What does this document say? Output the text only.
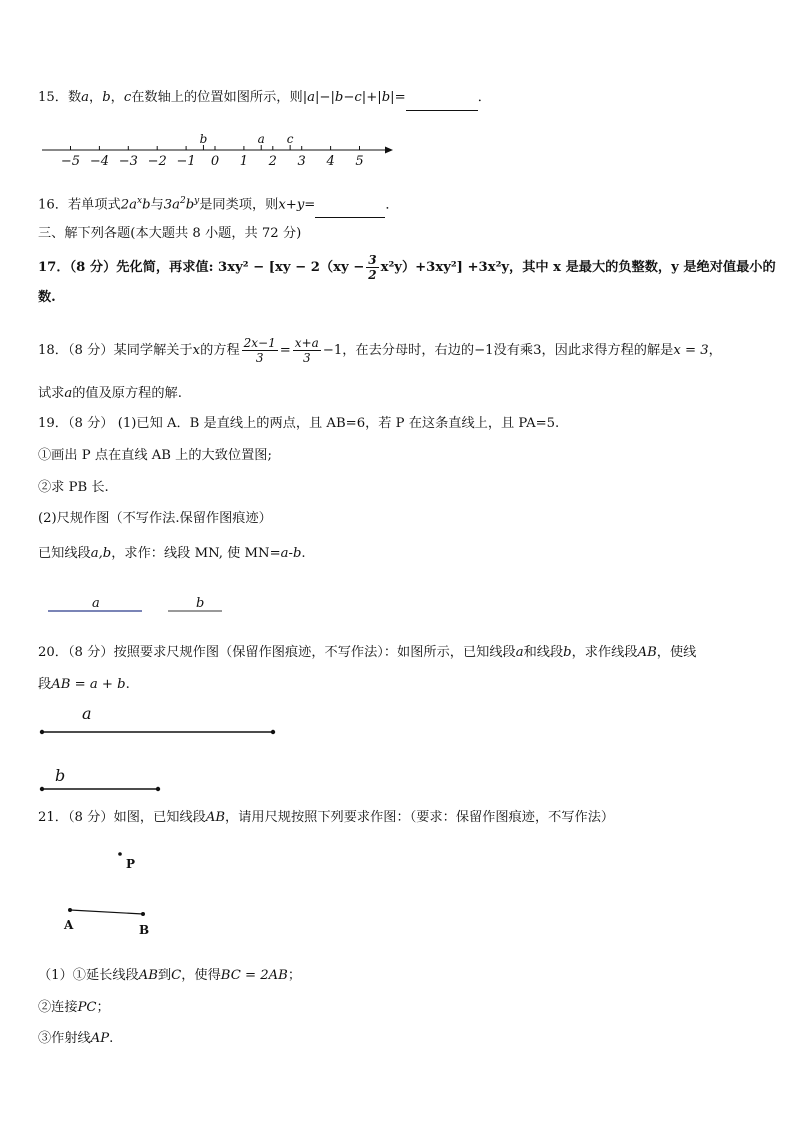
15．数a，b，c在数轴上的位置如图所示，则|a|−|b−c|+|b|=	．
−5 −4 −3 −2 −1 0 1 2 3 4 5
b	a c
16．若单项式$2a^xb$与$3a^2b^y$是同类项，则x+y=	．
三、解下列各题(本大题共 8 小题，共 72 分)
17．（8 分）先化简，再求值: $3xy^2 - [xy - 2(xy - \frac{3}{2} x^2y)+3xy^2] +3x^2y$，其中 x 是最大的负整数，y 是绝对值最小的
数.
18．（8 分）某同学解关于x的方程 $\frac{2x-1}{3} = \frac{x+a}{3} -1$，在去分母时，右边的−1没有乘3，因此求得方程的解是x = 3，
试求a的值及原方程的解.
19．（8 分） (1)已知 A．B 是直线上的两点，且 AB=6，若 P 在这条直线上，且 PA=5.
①画出 P 点在直线 AB 上的大致位置图;
②求 PB 长.
(2)尺规作图（不写作法.保留作图痕迹）
已知线段a,b，求作：线段 MN, 使 MN=a-b.
a	b
20．（8 分）按照要求尺规作图（保留作图痕迹，不写作法）：如图所示，已知线段a和线段b，求作线段AB，使线
段AB = a + b.
a
b
21．（8 分）如图，已知线段AB，请用尺规按照下列要求作图：（要求：保留作图痕迹，不写作法）
P
A	B
（1）①延长线段AB到C，使得BC = 2AB；
②连接PC；
③作射线AP.
